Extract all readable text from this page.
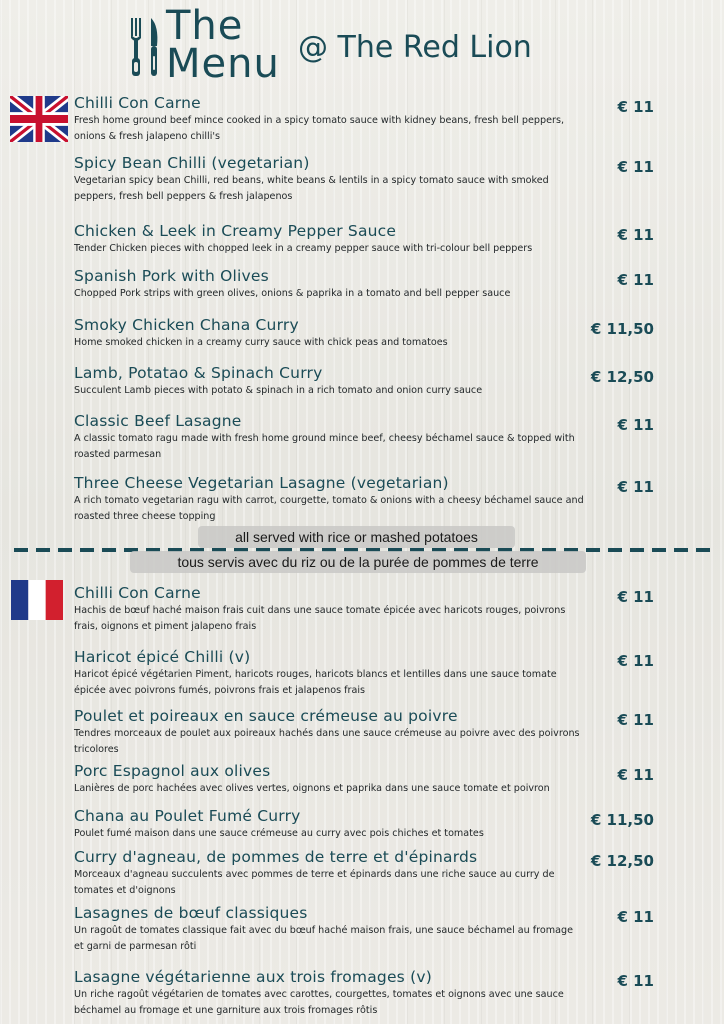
The
Menu @ The Red Lion
Chilli Con Carne
Fresh home ground beef mince cooked in a spicy tomato sauce with kidney beans, fresh bell peppers, onions & fresh jalapeno chilli's
€ 11
Spicy Bean Chilli (vegetarian)
Vegetarian spicy bean Chilli, red beans, white beans & lentils in a spicy tomato sauce with smoked peppers, fresh bell peppers & fresh jalapenos
€ 11
Chicken & Leek in Creamy Pepper Sauce
Tender Chicken pieces with chopped leek in a creamy pepper sauce with tri-colour bell peppers
€ 11
Spanish Pork with Olives
Chopped Pork strips with green olives, onions & paprika in a tomato and bell pepper sauce
€ 11
Smoky Chicken Chana Curry
Home smoked chicken in a creamy curry sauce with chick peas and tomatoes
€ 11,50
Lamb, Potatao & Spinach Curry
Succulent Lamb pieces with potato & spinach in a rich tomato and onion curry sauce
€ 12,50
Classic Beef Lasagne
A classic tomato ragu made with fresh home ground mince beef, cheesy béchamel sauce & topped with roasted parmesan
€ 11
Three Cheese Vegetarian Lasagne (vegetarian)
A rich tomato vegetarian ragu with carrot, courgette, tomato & onions with a cheesy béchamel sauce and roasted three cheese topping
€ 11
all served with rice or mashed potatoes
tous servis avec du riz ou de la purée de pommes de terre
Chilli Con Carne
Hachis de bœuf haché maison frais cuit dans une sauce tomate épicée avec haricots rouges, poivrons frais, oignons et piment jalapeno frais
€ 11
Haricot épicé Chilli (v)
Haricot épicé végétarien Piment, haricots rouges, haricots blancs et lentilles dans une sauce tomate épicée avec poivrons fumés, poivrons frais et jalapenos frais
€ 11
Poulet et poireaux en sauce crémeuse au poivre
Tendres morceaux de poulet aux poireaux hachés dans une sauce crémeuse au poivre avec des poivrons tricolores
€ 11
Porc Espagnol aux olives
Lanières de porc hachées avec olives vertes, oignons et paprika dans une sauce tomate et poivron
€ 11
Chana au Poulet Fumé Curry
Poulet fumé maison dans une sauce crémeuse au curry avec pois chiches et tomates
€ 11,50
Curry d'agneau, de pommes de terre et d'épinards
Morceaux d'agneau succulents avec pommes de terre et épinards dans une riche sauce au curry de tomates et d'oignons
€ 12,50
Lasagnes de bœuf classiques
Un ragoût de tomates classique fait avec du bœuf haché maison frais, une sauce béchamel au fromage et garni de parmesan rôti
€ 11
Lasagne végétarienne aux trois fromages (v)
Un riche ragoût végétarien de tomates avec carottes, courgettes, tomates et oignons avec une sauce béchamel au fromage et une garniture aux trois fromages rôtis
€ 11
